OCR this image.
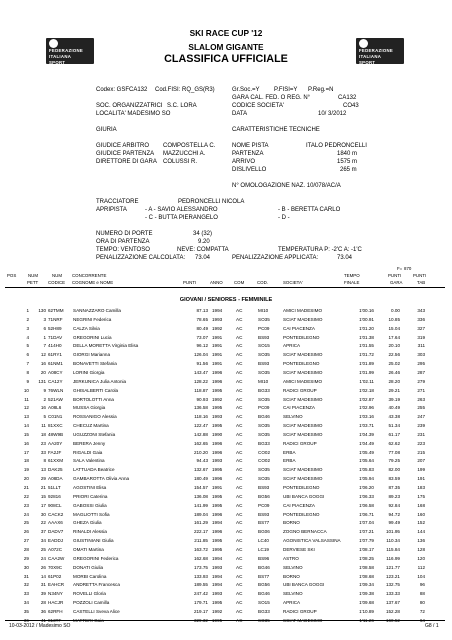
FEDERAZIONE
ITALIANA
SPORT
FEDERAZIONE
ITALIANA
SPORT
SKI RACE CUP '12
SLALOM GIGANTE
CLASSIFICA UFFICIALE
Codex: GSFCA132 Cod.FISI: RQ_GS(R3)	Gr.Soc.=Y P.FISI=Y P.Reg.=N
GARA CAL. FED. O REG. N°	CA132
SOC. ORGANIZZATRICI S.C. LORA	CODICE SOCIETA'	CO43
LOCALITA' MADESIMO SO	DATA	10/ 3/2012
GIURIA	CARATTERISTICHE TECNICHE
GIUDICE ARBITRO COMPOSTELLA C.	NOME PISTA	ITALO PEDRONCELLI
GIUDICE PARTENZA MAZZUCCHI A.	PARTENZA	1840 m
DIRETTORE DI GARA COLUSSI R.	ARRIVO	1575 m
DISLIVELLO	265 m
N° OMOLOGAZIONE NAZ. 10/078/AC/A
TRACCIATORE	PEDRONCELLI NICOLA
APRIPISTA	- A - SAVIO ALESSANDRO	- B - BERETTA CARLO
- C - BUTTA PIERANGELO	- D -
NUMERO DI PORTE	34 (32)
ORA DI PARTENZA	9.20
TEMPO: VENTOSO	NEVE: COMPATTA	TEMPERATURA P: -2'C A: -1'C
PENALIZZAZIONE CALCOLATA: 73.04	PENALIZZAZIONE APPLICATA:	73.04
F= 870
POS	NUM	NUM CONCORRENTE	TEMPO	PUNTI	PUNTI
PETT CODICE COGNOME e NOME	PUNTI	ANNO	COM	COD.	SOCIETA'	FINALE	GARA	TAB
GIOVANI / SENIORES - FEMMINILE
1	130 62TMM	SANNAZZARO Camilla	87.13 1994	AC	MI10	AMICI MADESIMO	1'00.16	0.00	343
2	3 71NRF	NEGRINI Federica	78.65 1993	AC	SO35	SCIAT MADESIMO	1'00.91	10.85	336
3	6 52H89	CALZA Silvia	80.49 1992	AC	PC09	CAI PIACENZA	1'01.20	15.04	327
4	1 71DAV	GREGORINI Lucia	73.07 1991	AC	BS93	PONTEDILEGNO	1'01.38	17.64	319
5	7 414H0	DELLA MORETTA Virginia Elisa	96.12 1991	AC	SO15	APRICA	1'01.55	20.10	311
6	12 61RY1	GIORGI Marianna	126.04 1991	AC	SO35	SCIAT MADESIMO	1'01.72	22.56	303
7	16 61NM1	BONAVETTI Stefania	91.56 1991	AC	BS93	PONTEDILEGNO	1'01.89	25.02	295
8	20 A08CY	LORINI Giorgia	143.47 1996	AC	SO35	SCIAT MADESIMO	1'01.99	26.46	287
9	131 CA12Y	JERKUNICA Julia Antonia	128.22 1996	AC	MI10	AMICI MADESIMO	1'02.11	28.20	279
10	9 76WLN	GHISALBERTI Carola	118.87 1995	AC	BG33	RADICI GROUP	1'02.18	29.21	271
11	2 521AW	BORTOLOTTI Anna	90.93 1992	AC	SO35	SCIAT MADESIMO	1'02.87	39.19	263
12	16 A08L6	MUSSA Giorgia	136.58 1995	AC	PC09	CAI PIACENZA	1'02.96	40.49	255
13	5 C01N1	ROSSANIGO Alessia	118.16 1993	AC	BG46	SELVINO	1'03.16	43.38	247
14	11 81XXC	CHECUZ Martina	122.47 1995	AC	SO35	SCIAT MADESIMO	1'03.71	51.34	239
15	18 48W9B	UGUZZONI Stefania	142.88 1990	AC	SO35	SCIAT MADESIMO	1'04.39	61.17	231
16	23 AA20Y	BERERA Jenny	162.65 1996	AC	BG33	RADICI GROUP	1'04.49	62.62	223
17	33 FA2JF	RIGALDI Gaia	210.20 1996	AC	CO02	ERBA	1'05.49	77.08	215
18	8 61XXM	SALA Valentina	94.43 1993	AC	CO02	ERBA	1'05.64	79.25	207
19	13 DAK25	LATTUADA Beatrice	132.67 1995	AC	SO35	SCIAT MADESIMO	1'05.83	82.00	199
20	29 A08DA	GAMBAROTTA Olivia Anna	180.49 1996	AC	SO35	SCIAT MADESIMO	1'05.94	83.59	191
21	21 51LLT	AGOSTINI Elisa	154.57 1991	AC	BS93	PONTEDILEGNO	1'06.20	87.35	183
22	15 92816	PRIORI Caterina	136.08 1995	AC	BG56	UBI BANCA GOGGI	1'06.33	89.23	175
23	17 908CL	GABOSSI Giulia	141.99 1995	AC	PC09	CAI PIACENZA	1'06.58	92.84	168
24	30 CACK2	MAGLIOTTI Sofia	189.04 1996	AC	BS93	PONTEDILEGNO	1'06.71	94.72	160
25	22 AAAX6	GHEZA Giulia	161.29 1994	AC	BS77	BORNO	1'07.04	99.49	152
26	37 DADV7	RINALDI Alessia	222.17 1996	AC	BG06	ZOGNO BERNACCA	1'07.21	101.95	144
27	34 EADDJ	GIUSTINIANI Giulia	211.85 1995	AC	LC40	AGONISTICA VALSASSINA	1'07.79	110.34	136
28	25 A072C	OMATI Martina	163.72 1995	AC	LC19	DERVIESE SKI	1'08.17	115.84	128
29	24 CAA2W	GREGORINI Federica	162.68 1994	AC	BS96	ASTRO	1'08.25	116.99	120
30	26 70X9C	DONATI Giulia	173.75 1993	AC	BG46	SELVINO	1'08.58	121.77	112
31	14 61P02	MORBI Carolina	133.93 1994	AC	BS77	BORNO	1'08.68	123.21	104
32	31 EAHCR	ANDRETTA Francesca	189.55 1994	AC	BG56	UBI BANCA GOGGI	1'09.34	132.75	96
33	39 N34NY	ROVELLI Gloria	247.42 1993	AC	BG46	SELVINO	1'09.38	133.33	88
34	28 HACJR	POZZOLI Camilla	179.71 1995	AC	SO15	APRICA	1'09.68	137.67	80
35	36 62RFH	CASTELLI Sveva Alice	219.17 1992	AC	BG33	RADICI GROUP	1'10.89	152.28	72
36	41 813TF	MATTERI Gaia	329.32 1995	AC	SO35	SCIAT MADESIMO	1'11.26	160.52	64
10-03-2012 / Madesimo SO	G8 / 1
